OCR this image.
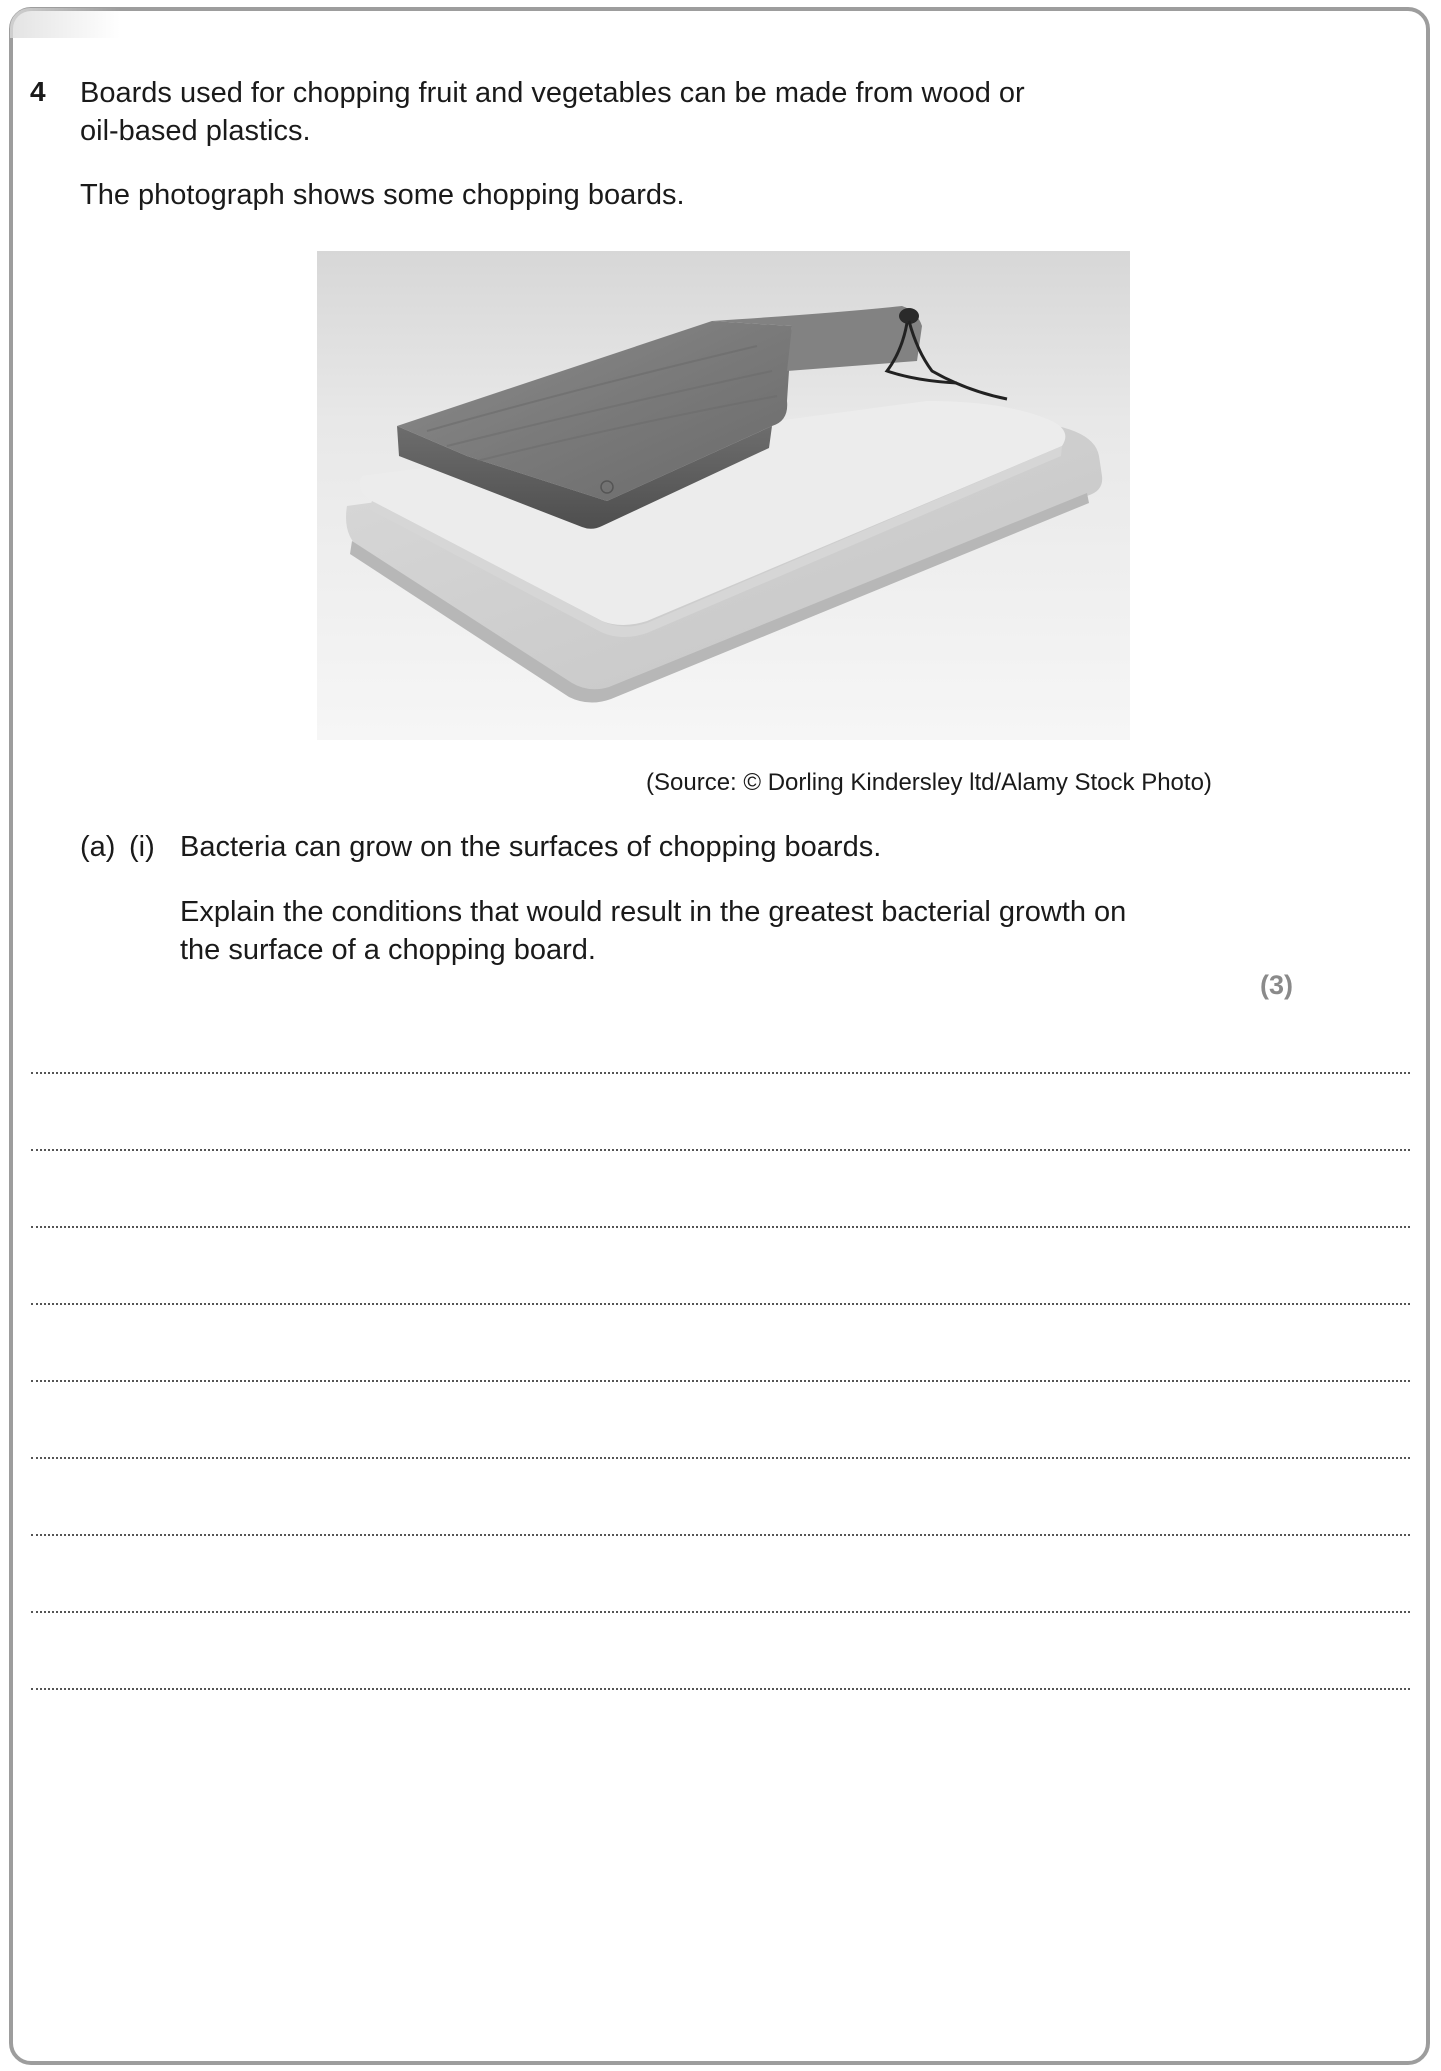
4 Boards used for chopping fruit and vegetables can be made from wood or
oil-based plastics.
The photograph shows some chopping boards.
(Source: © Dorling Kindersley ltd/Alamy Stock Photo)
(a) (i) Bacteria can grow on the surfaces of chopping boards.
Explain the conditions that would result in the greatest bacterial growth on
the surface of a chopping board.
(3)
